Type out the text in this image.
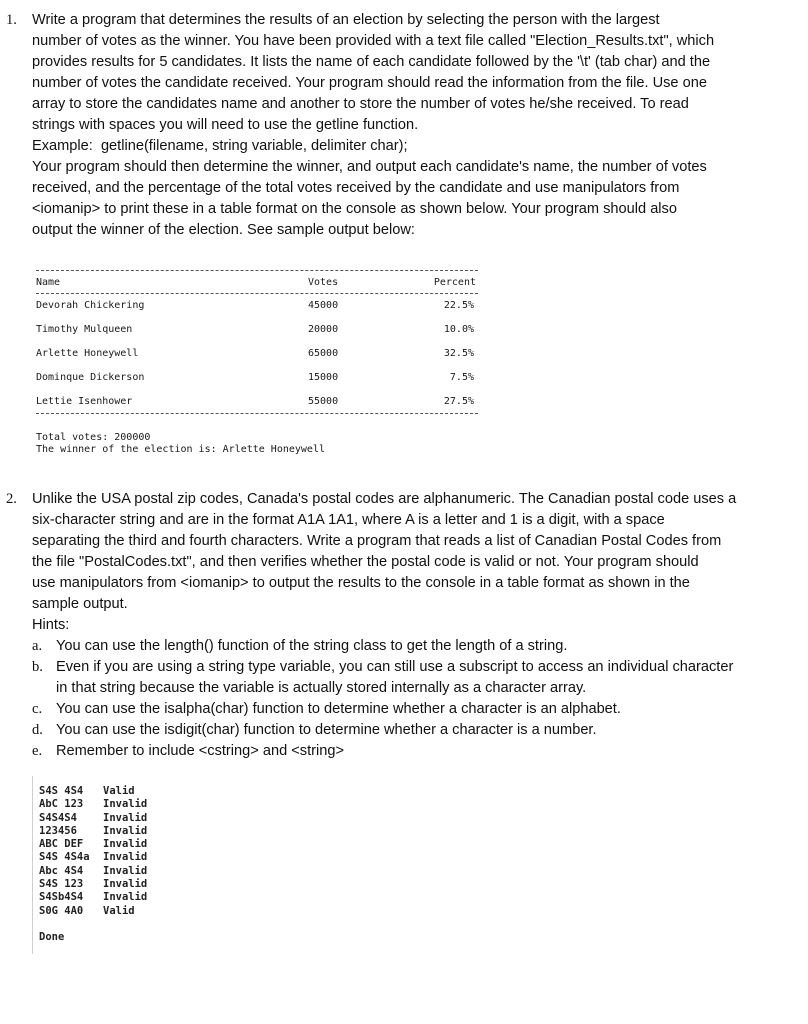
1. Write a program that determines the results of an election by selecting the person with the largest

number of votes as the winner. You have been provided with a text file called "Election_Results.txt", which

provides results for 5 candidates. It lists the name of each candidate followed by the '\t' (tab char) and the

number of votes the candidate received. Your program should read the information from the file. Use one

array to store the candidates name and another to store the number of votes he/she received. To read

strings with spaces you will need to use the getline function.

Example:  getline(filename, string variable, delimiter char);

Your program should then determine the winner, and output each candidate's name, the number of votes

received, and the percentage of the total votes received by the candidate and use manipulators from

<iomanip> to print these in a table format on the console as shown below. Your program should also

output the winner of the election. See sample output below:

Name	Votes	Percent
Devorah Chickering	45000	22.5%
Timothy Mulqueen	20000	10.0%
Arlette Honeywell	65000	32.5%
Dominque Dickerson	15000	7.5%
Lettie Isenhower	55000	27.5%
Total votes: 200000
The winner of the election is: Arlette Honeywell
2. Unlike the USA postal zip codes, Canada's postal codes are alphanumeric. The Canadian postal code uses a

six-character string and are in the format A1A 1A1, where A is a letter and 1 is a digit, with a space

separating the third and fourth characters. Write a program that reads a list of Canadian Postal Codes from

the file "PostalCodes.txt", and then verifies whether the postal code is valid or not. Your program should

use manipulators from <iomanip> to output the results to the console in a table format as shown in the

sample output.

Hints:

a. You can use the length() function of the string class to get the length of a string.

b. Even if you are using a string type variable, you can still use a subscript to access an individual character

in that string because the variable is actually stored internally as a character array.

c. You can use the isalpha(char) function to determine whether a character is an alphabet.

d. You can use the isdigit(char) function to determine whether a character is a number.

e. Remember to include <cstring> and <string>

S4S 4S4	Valid
AbC 123	Invalid
S4S4S4	Invalid
123456	Invalid
ABC DEF	Invalid
S4S 4S4a	Invalid
Abc 4S4	Invalid
S4S 123	Invalid
S4Sb4S4	Invalid
S0G 4A0	Valid
Done
